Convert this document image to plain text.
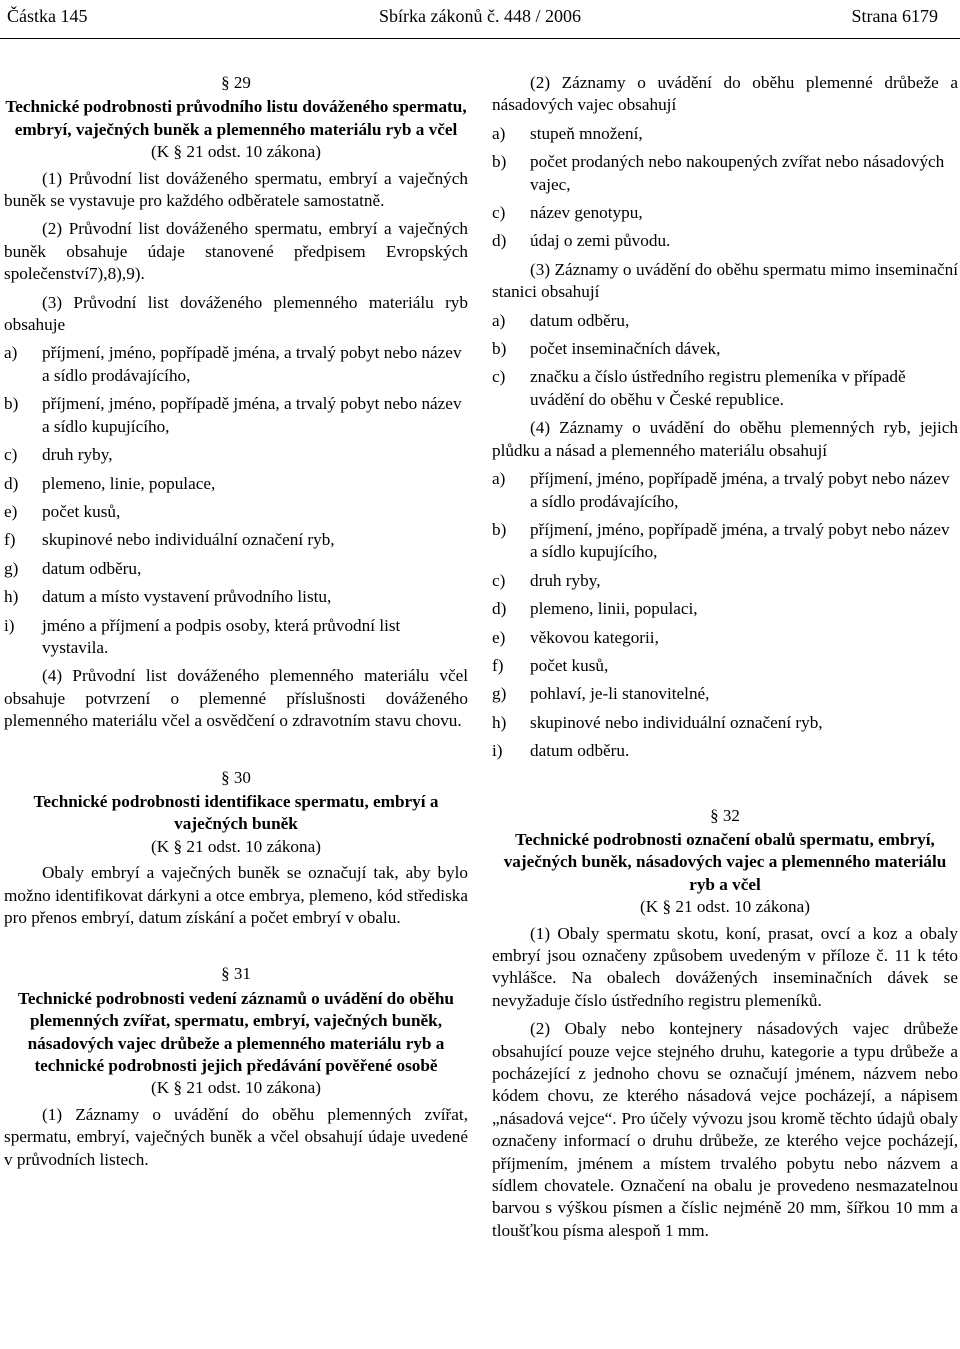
Částka 145	Sbírka zákonů č. 448 / 2006	Strana 6179
§ 29
Technické podrobnosti průvodního listu dováženého spermatu, embryí, vaječných buněk a plemenného materiálu ryb a včel
(K § 21 odst. 10 zákona)

(1) Průvodní list dováženého spermatu, embryí a vaječných buněk se vystavuje pro každého odběratele samostatně.

(2) Průvodní list dováženého spermatu, embryí a vaječných buněk obsahuje údaje stanovené předpisem Evropských společenství7),8),9).

(3) Průvodní list dováženého plemenného materiálu ryb obsahuje

a) příjmení, jméno, popřípadě jména, a trvalý pobyt nebo název a sídlo prodávajícího,
b) příjmení, jméno, popřípadě jména, a trvalý pobyt nebo název a sídlo kupujícího,
c) druh ryby,
d) plemeno, linie, populace,
e) počet kusů,
f) skupinové nebo individuální označení ryb,
g) datum odběru,
h) datum a místo vystavení průvodního listu,
i) jméno a příjmení a podpis osoby, která průvodní list vystavila.

(4) Průvodní list dováženého plemenného materiálu včel obsahuje potvrzení o plemenné příslušnosti dováženého plemenného materiálu včel a osvědčení o zdravotním stavu chovu.

§ 30
Technické podrobnosti identifikace spermatu, embryí a vaječných buněk
(K § 21 odst. 10 zákona)

Obaly embryí a vaječných buněk se označují tak, aby bylo možno identifikovat dárkyni a otce embrya, plemeno, kód střediska pro přenos embryí, datum získání a počet embryí v obalu.

§ 31
Technické podrobnosti vedení záznamů o uvádění do oběhu plemenných zvířat, spermatu, embryí, vaječných buněk, násadových vajec drůbeže a plemenného materiálu ryb a technické podrobnosti jejich předávání pověřené osobě
(K § 21 odst. 10 zákona)

(1) Záznamy o uvádění do oběhu plemenných zvířat, spermatu, embryí, vaječných buněk a včel obsahují údaje uvedené v průvodních listech.

(2) Záznamy o uvádění do oběhu plemenné drůbeže a násadových vajec obsahují

a) stupeň množení,
b) počet prodaných nebo nakoupených zvířat nebo násadových vajec,
c) název genotypu,
d) údaj o zemi původu.

(3) Záznamy o uvádění do oběhu spermatu mimo inseminační stanici obsahují

a) datum odběru,
b) počet inseminačních dávek,
c) značku a číslo ústředního registru plemeníka v případě uvádění do oběhu v České republice.

(4) Záznamy o uvádění do oběhu plemenných ryb, jejich plůdku a násad a plemenného materiálu obsahují

a) příjmení, jméno, popřípadě jména, a trvalý pobyt nebo název a sídlo prodávajícího,
b) příjmení, jméno, popřípadě jména, a trvalý pobyt nebo název a sídlo kupujícího,
c) druh ryby,
d) plemeno, linii, populaci,
e) věkovou kategorii,
f) počet kusů,
g) pohlaví, je-li stanovitelné,
h) skupinové nebo individuální označení ryb,
i) datum odběru.
§ 32
Technické podrobnosti označení obalů spermatu, embryí, vaječných buněk, násadových vajec a plemenného materiálu ryb a včel
(K § 21 odst. 10 zákona)

(1) Obaly spermatu skotu, koní, prasat, ovcí a koz a obaly embryí jsou označeny způsobem uvedeným v příloze č. 11 k této vyhlášce. Na obalech dovážených inseminačních dávek se nevyžaduje číslo ústředního registru plemeníků.

(2) Obaly nebo kontejnery násadových vajec drůbeže obsahující pouze vejce stejného druhu, kategorie a typu drůbeže a pocházející z jednoho chovu se označují jménem, názvem nebo kódem chovu, ze kterého násadová vejce pocházejí, a nápisem „násadová vejce“. Pro účely vývozu jsou kromě těchto údajů obaly označeny informací o druhu drůbeže, ze kterého vejce pocházejí, příjmením, jménem a místem trvalého pobytu nebo názvem a sídlem chovatele. Označení na obalu je provedeno nesmazatelnou barvou s výškou písmen a číslic nejméně 20 mm, šířkou 10 mm a tloušťkou písma alespoň 1 mm.
